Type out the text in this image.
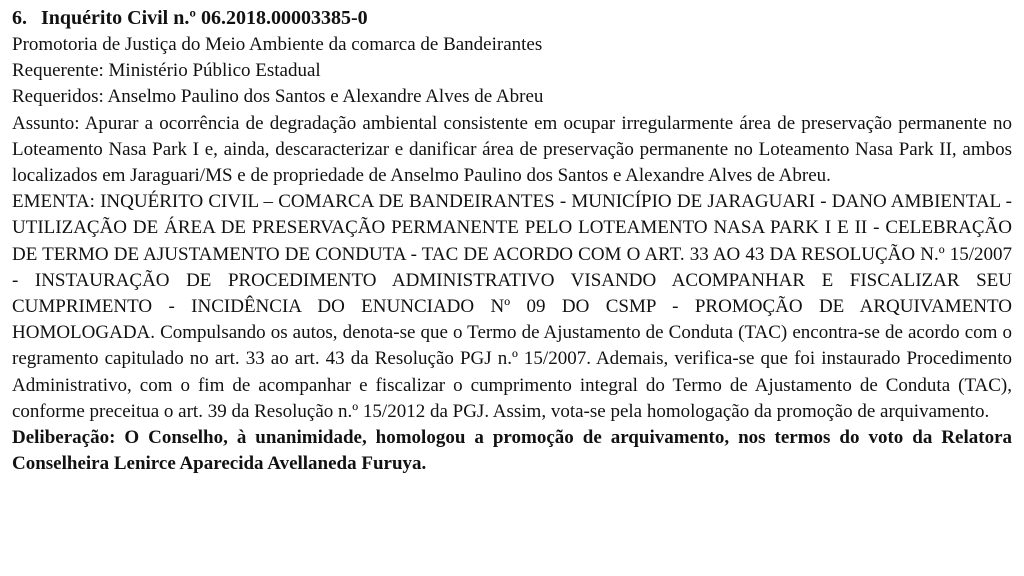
6. Inquérito Civil n.º 06.2018.00003385-0

Promotoria de Justiça do Meio Ambiente da comarca de Bandeirantes

Requerente: Ministério Público Estadual

Requeridos: Anselmo Paulino dos Santos e Alexandre Alves de Abreu

Assunto: Apurar a ocorrência de degradação ambiental consistente em ocupar irregularmente área de preservação permanente no Loteamento Nasa Park I e, ainda, descaracterizar e danificar área de preservação permanente no Loteamento Nasa Park II, ambos localizados em Jaraguari/MS e de propriedade de Anselmo Paulino dos Santos e Alexandre Alves de Abreu.

EMENTA: INQUÉRITO CIVIL – COMARCA DE BANDEIRANTES - MUNICÍPIO DE JARAGUARI - DANO AMBIENTAL - UTILIZAÇÃO DE ÁREA DE PRESERVAÇÃO PERMANENTE PELO LOTEAMENTO NASA PARK I E II - CELEBRAÇÃO DE TERMO DE AJUSTAMENTO DE CONDUTA - TAC DE ACORDO COM O ART. 33 AO 43 DA RESOLUÇÃO N.º 15/2007 - INSTAURAÇÃO DE PROCEDIMENTO ADMINISTRATIVO VISANDO ACOMPANHAR E FISCALIZAR SEU CUMPRIMENTO - INCIDÊNCIA DO ENUNCIADO Nº 09 DO CSMP - PROMOÇÃO DE ARQUIVAMENTO HOMOLOGADA. Compulsando os autos, denota-se que o Termo de Ajustamento de Conduta (TAC) encontra-se de acordo com o regramento capitulado no art. 33 ao art. 43 da Resolução PGJ n.º 15/2007. Ademais, verifica-se que foi instaurado Procedimento Administrativo, com o fim de acompanhar e fiscalizar o cumprimento integral do Termo de Ajustamento de Conduta (TAC), conforme preceitua o art. 39 da Resolução n.º 15/2012 da PGJ. Assim, vota-se pela homologação da promoção de arquivamento.

Deliberação: O Conselho, à unanimidade, homologou a promoção de arquivamento, nos termos do voto da Relatora Conselheira Lenirce Aparecida Avellaneda Furuya.
